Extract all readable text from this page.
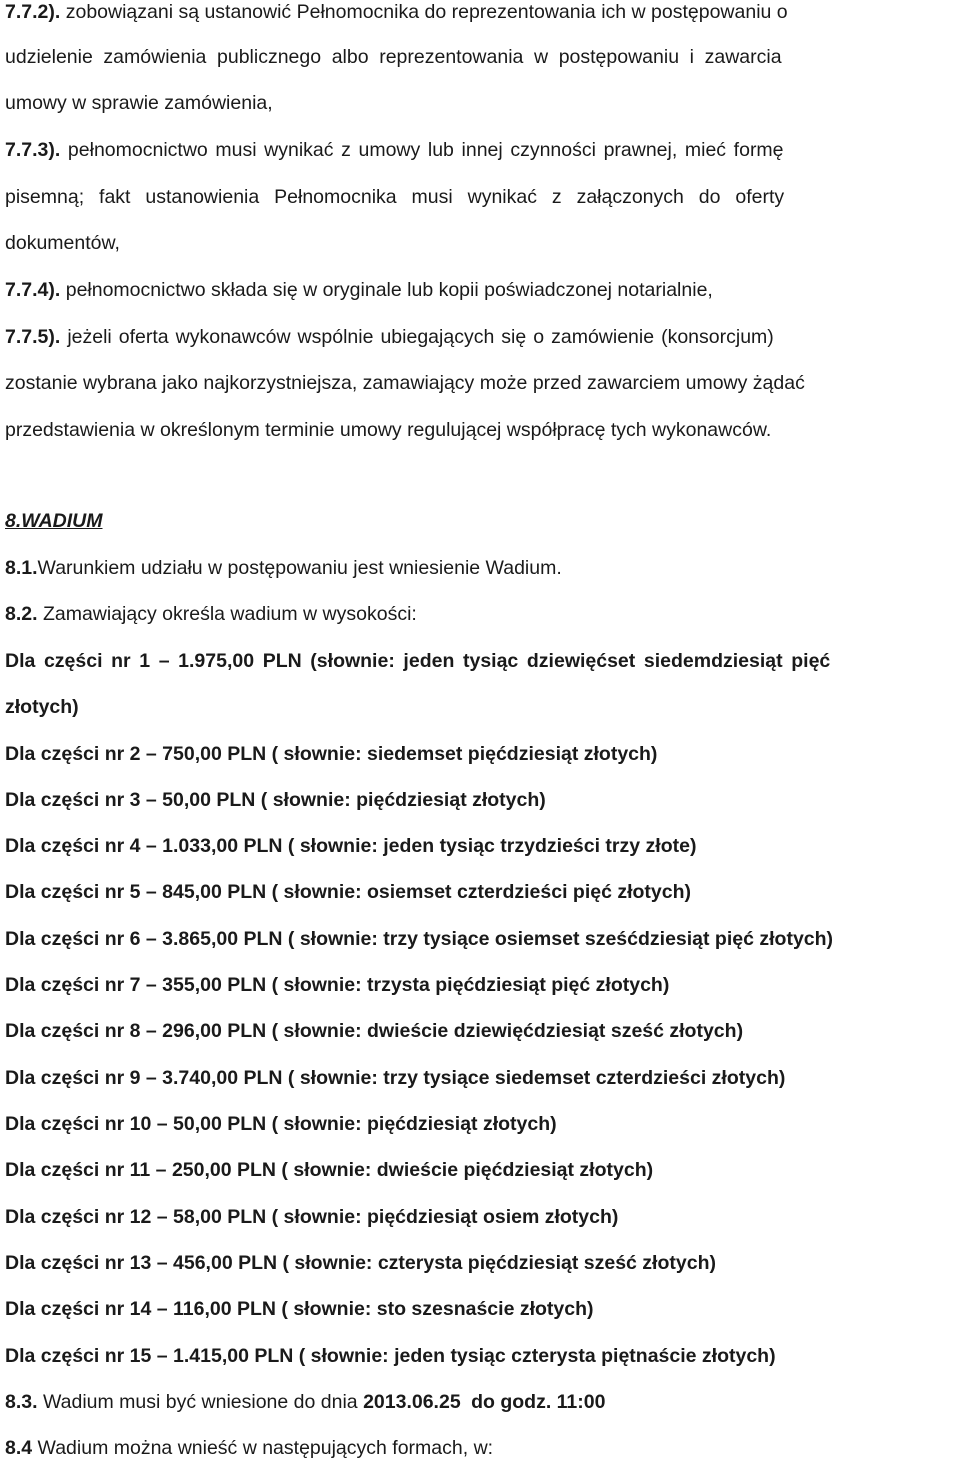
7.7.2). zobowiązani są ustanowić Pełnomocnika do reprezentowania ich w postępowaniu o
udzielenie zamówienia publicznego albo reprezentowania w postępowaniu i zawarcia
umowy w sprawie zamówienia,
7.7.3). pełnomocnictwo musi wynikać z umowy lub innej czynności prawnej, mieć formę
pisemną; fakt ustanowienia Pełnomocnika musi wynikać z załączonych do oferty
dokumentów,
7.7.4). pełnomocnictwo składa się w oryginale lub kopii poświadczonej notarialnie,
7.7.5). jeżeli oferta wykonawców wspólnie ubiegających się o zamówienie (konsorcjum)
zostanie wybrana jako najkorzystniejsza, zamawiający może przed zawarciem umowy żądać
przedstawienia w określonym terminie umowy regulującej współpracę tych wykonawców.
8.WADIUM
8.1.Warunkiem udziału w postępowaniu jest wniesienie Wadium.
8.2. Zamawiający określa wadium w wysokości:
Dla części nr 1 – 1.975,00 PLN (słownie: jeden tysiąc dziewięćset siedemdziesiąt pięć
złotych)
Dla części nr 2 – 750,00 PLN ( słownie: siedemset pięćdziesiąt złotych)
Dla części nr 3 – 50,00 PLN ( słownie: pięćdziesiąt złotych)
Dla części nr 4 – 1.033,00 PLN ( słownie: jeden tysiąc trzydzieści trzy złote)
Dla części nr 5 – 845,00 PLN ( słownie: osiemset czterdzieści pięć złotych)
Dla części nr 6 – 3.865,00 PLN ( słownie: trzy tysiące osiemset sześćdziesiąt pięć złotych)
Dla części nr 7 – 355,00 PLN ( słownie: trzysta pięćdziesiąt pięć złotych)
Dla części nr 8 – 296,00 PLN ( słownie: dwieście dziewięćdziesiąt sześć złotych)
Dla części nr 9 – 3.740,00 PLN ( słownie: trzy tysiące siedemset czterdzieści złotych)
Dla części nr 10 – 50,00 PLN ( słownie: pięćdziesiąt złotych)
Dla części nr 11 – 250,00 PLN ( słownie: dwieście pięćdziesiąt złotych)
Dla części nr 12 – 58,00 PLN ( słownie: pięćdziesiąt osiem złotych)
Dla części nr 13 – 456,00 PLN ( słownie: czterysta pięćdziesiąt sześć złotych)
Dla części nr 14 – 116,00 PLN ( słownie: sto szesnaście złotych)
Dla części nr 15 – 1.415,00 PLN ( słownie: jeden tysiąc czterysta piętnaście złotych)
8.3. Wadium musi być wniesione do dnia 2013.06.25 do godz. 11:00
8.4 Wadium można wnieść w następujących formach, w:
